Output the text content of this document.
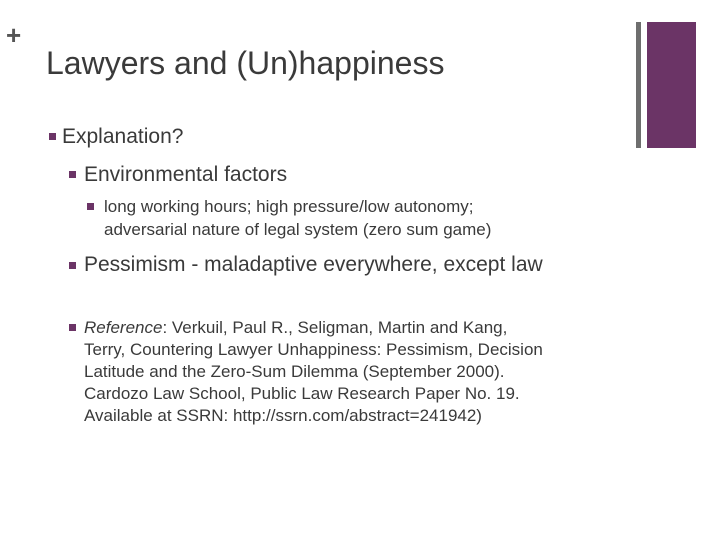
+
Lawyers and (Un)happiness
Explanation?
Environmental factors
long working hours; high pressure/low autonomy;
adversarial nature of legal system (zero sum game)
Pessimism - maladaptive everywhere, except law
Reference: Verkuil, Paul R., Seligman, Martin and Kang,
Terry, Countering Lawyer Unhappiness: Pessimism, Decision
Latitude and the Zero-Sum Dilemma (September 2000).
Cardozo Law School, Public Law Research Paper No. 19.
Available at SSRN: http://ssrn.com/abstract=241942)
